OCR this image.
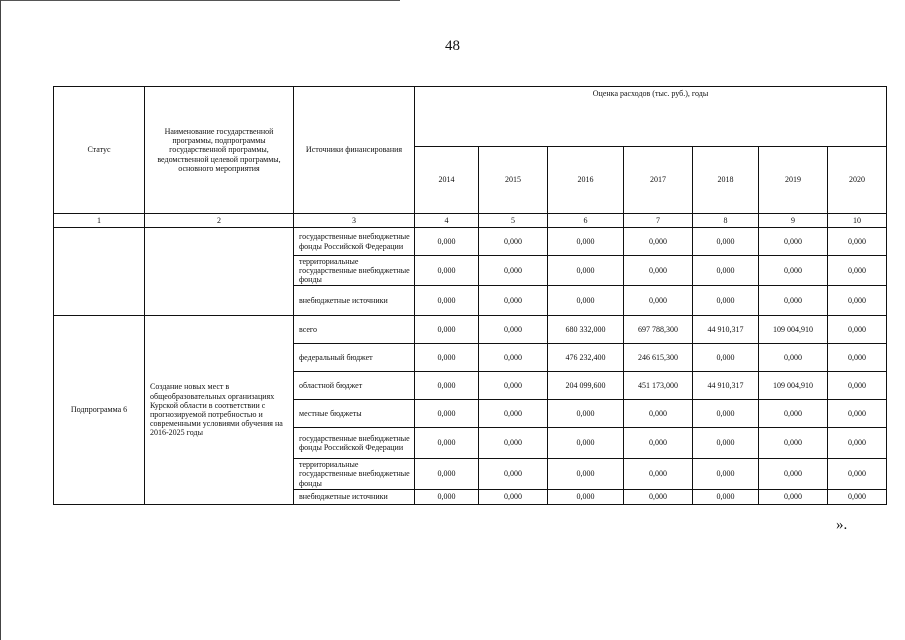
48
Статус	Наименование государственной программы, подпрограммы государственной программы, ведомственной целевой программы, основного мероприятия	Источники финансирования	Оценка расходов (тыс. руб.), годы						
			2014	2015	2016	2017	2018	2019	2020
1	2	3	4	5	6	7	8	9	10
		государственные внебюджетные фонды Российской Федерации	0,000	0,000	0,000	0,000	0,000	0,000	0,000
		территориальные государственные внебюджетные фонды	0,000	0,000	0,000	0,000	0,000	0,000	0,000
		внебюджетные источники	0,000	0,000	0,000	0,000	0,000	0,000	0,000
Подпрограмма 6	Создание новых мест в общеобразовательных организациях Курской области в соответствии с прогнозируемой потребностью и современными условиями обучения на 2016-2025 годы	всего	0,000	0,000	680 332,000	697 788,300	44 910,317	109 004,910	0,000
		федеральный бюджет	0,000	0,000	476 232,400	246 615,300	0,000	0,000	0,000
		областной бюджет	0,000	0,000	204 099,600	451 173,000	44 910,317	109 004,910	0,000
		местные бюджеты	0,000	0,000	0,000	0,000	0,000	0,000	0,000
		государственные внебюджетные фонды Российской Федерации	0,000	0,000	0,000	0,000	0,000	0,000	0,000
		территориальные государственные внебюджетные фонды	0,000	0,000	0,000	0,000	0,000	0,000	0,000
		внебюджетные источники	0,000	0,000	0,000	0,000	0,000	0,000	0,000
».
